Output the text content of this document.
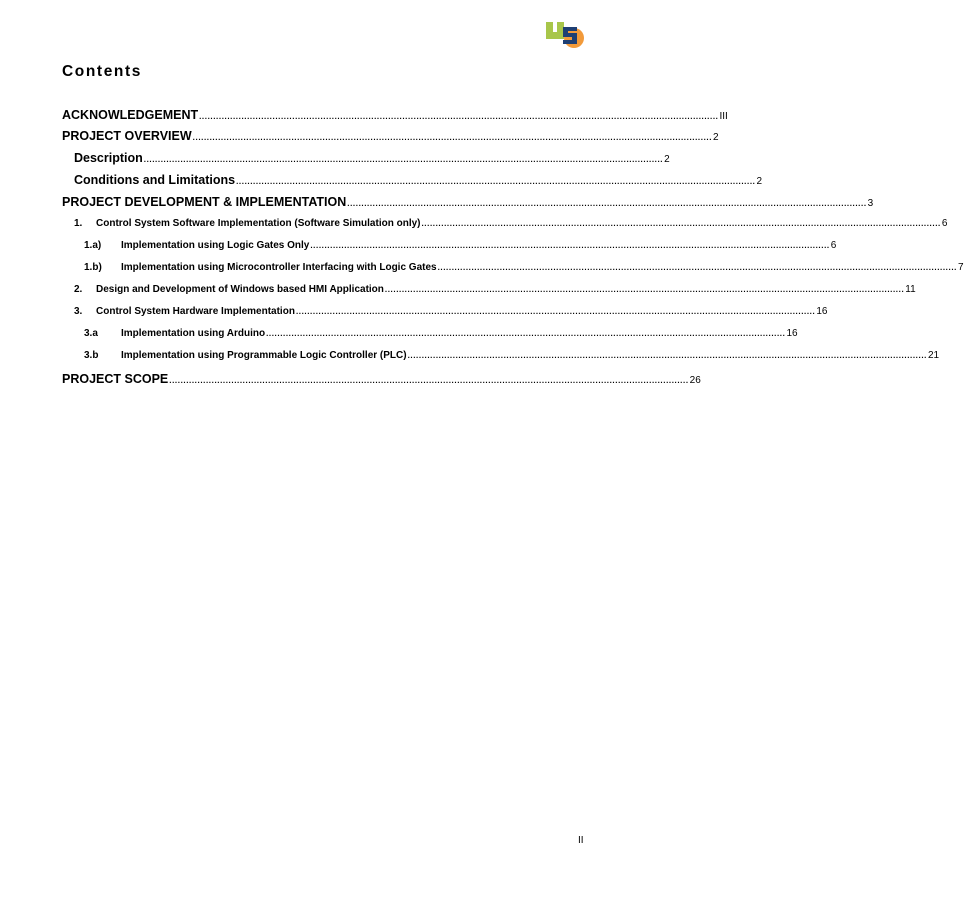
Contents
ACKNOWLEDGEMENT ........................................................................................................................................................................................ III
PROJECT OVERVIEW ........................................................................................................................................................................................ 2
Description ........................................................................................................................................................................................ 2
Conditions and Limitations ........................................................................................................................................................................................ 2
PROJECT DEVELOPMENT & IMPLEMENTATION ........................................................................................................................................................................................ 3
1.	Control System Software Implementation (Software Simulation only) ........................................................................................................................................................................................ 6
1.a)	Implementation using Logic Gates Only ........................................................................................................................................................................................ 6
1.b)	Implementation using Microcontroller Interfacing with Logic Gates ........................................................................................................................................................................................ 7
2.	Design and Development of Windows based HMI Application ........................................................................................................................................................................................ 11
3.	Control System Hardware Implementation ........................................................................................................................................................................................ 16
3.a	Implementation using Arduino ........................................................................................................................................................................................ 16
3.b	Implementation using Programmable Logic Controller (PLC) ........................................................................................................................................................................................ 21
PROJECT SCOPE ........................................................................................................................................................................................ 26
II
